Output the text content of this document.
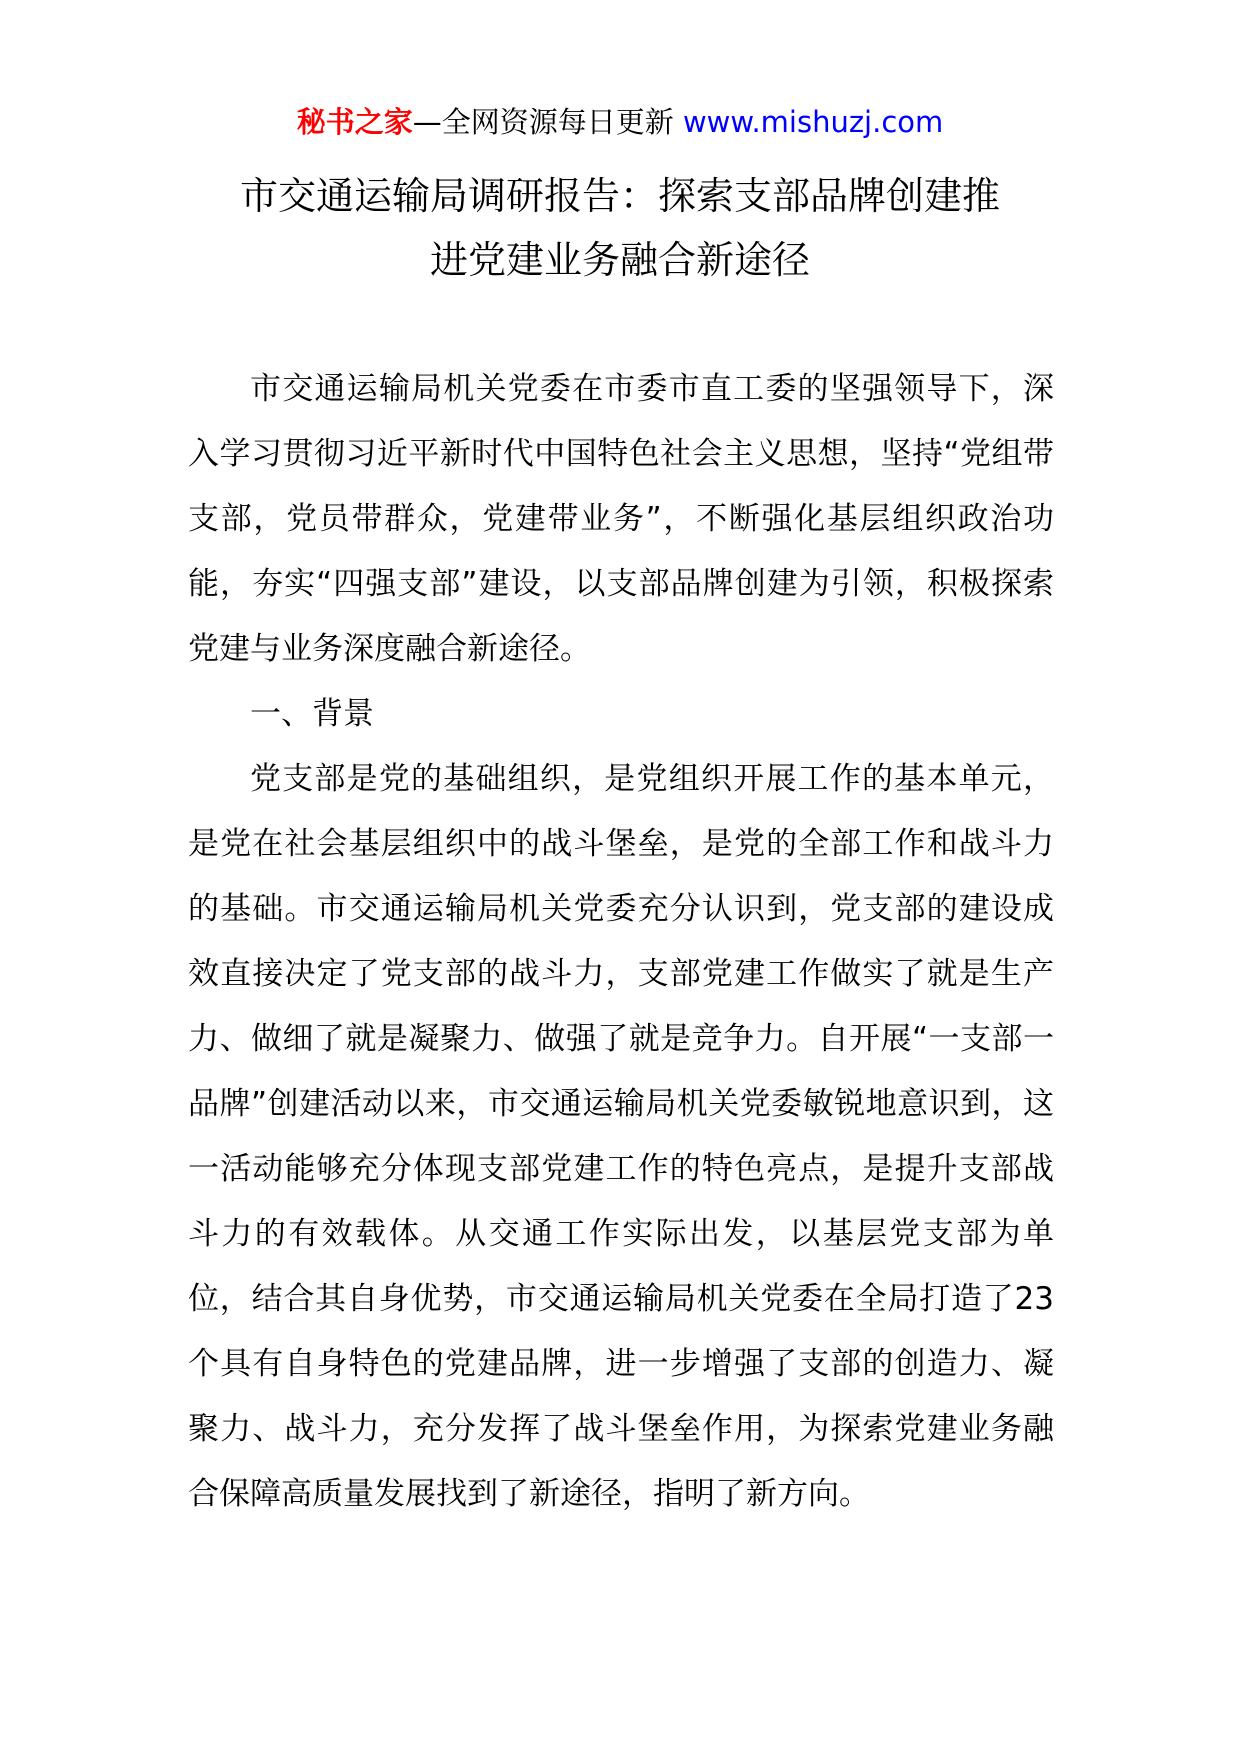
秘书之家—全网资源每日更新 www.mishuzj.com
市交通运输局调研报告：探索支部品牌创建推
进党建业务融合新途径

市交通运输局机关党委在市委市直工委的坚强领导下，深入学习贯彻习近平新时代中国特色社会主义思想，坚持“党组带支部，党员带群众，党建带业务”，不断强化基层组织政治功能，夯实“四强支部”建设，以支部品牌创建为引领，积极探索党建与业务深度融合新途径。

一、背景

党支部是党的基础组织，是党组织开展工作的基本单元，是党在社会基层组织中的战斗堡垒，是党的全部工作和战斗力的基础。市交通运输局机关党委充分认识到，党支部的建设成效直接决定了党支部的战斗力，支部党建工作做实了就是生产力、做细了就是凝聚力、做强了就是竞争力。自开展“一支部一品牌”创建活动以来，市交通运输局机关党委敏锐地意识到，这一活动能够充分体现支部党建工作的特色亮点，是提升支部战斗力的有效载体。从交通工作实际出发，以基层党支部为单位，结合其自身优势，市交通运输局机关党委在全局打造了23个具有自身特色的党建品牌，进一步增强了支部的创造力、凝聚力、战斗力，充分发挥了战斗堡垒作用，为探索党建业务融合保障高质量发展找到了新途径，指明了新方向。
